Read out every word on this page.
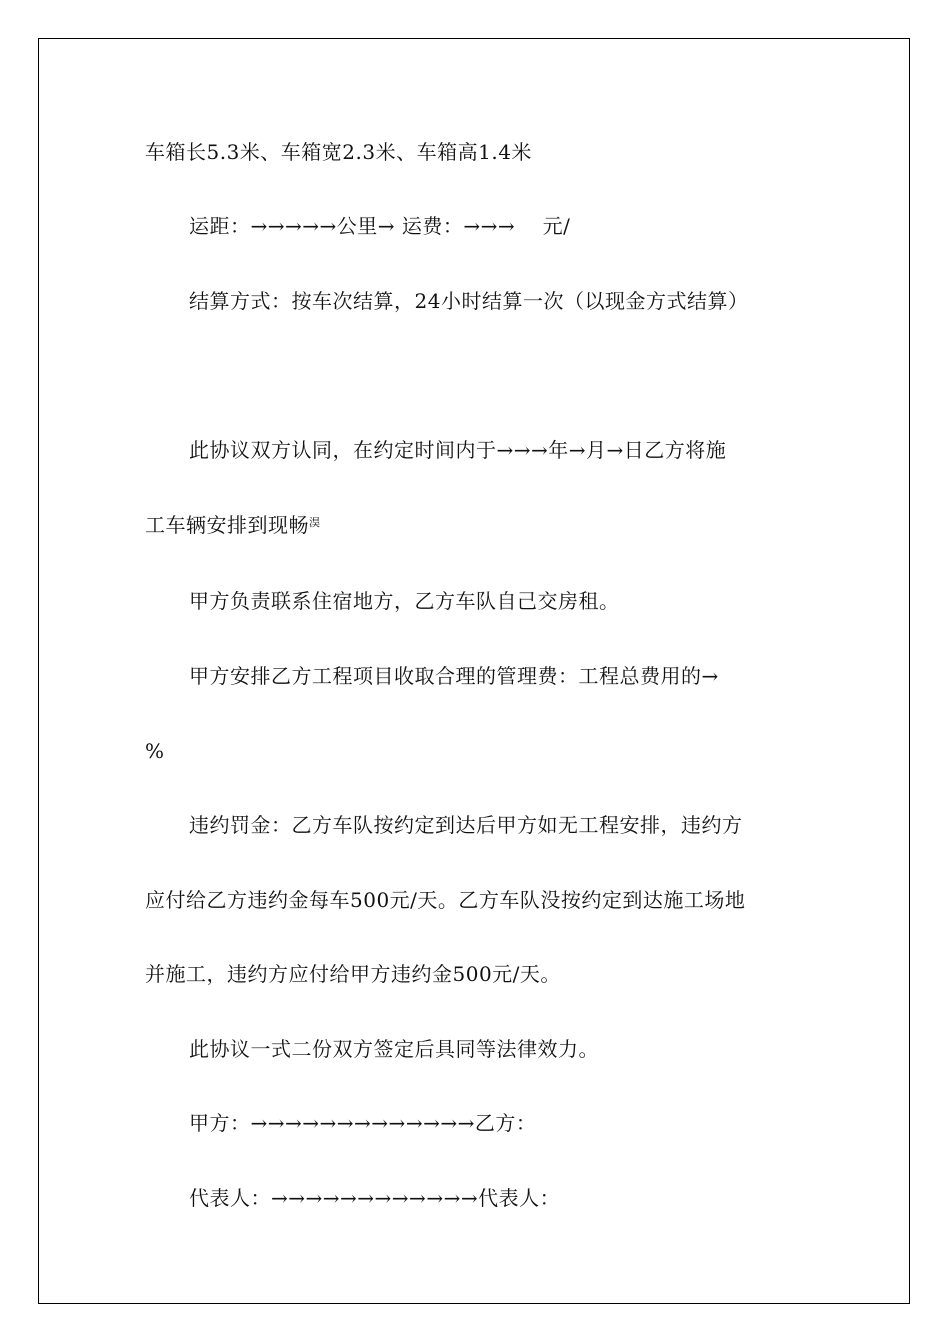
车箱长5.3米、车箱宽2.3米、车箱高1.4米
运距：→→→→→公里→ 运费：→→→    元/
结算方式：按车次结算，24小时结算一次（以现金方式结算）
此协议双方认同，在约定时间内于→→→年→月→日乙方将施
工车辆安排到现畅$^淏$
甲方负责联系住宿地方，乙方车队自己交房租。
甲方安排乙方工程项目收取合理的管理费：工程总费用的→
%
违约罚金：乙方车队按约定到达后甲方如无工程安排，违约方
应付给乙方违约金每车500元/天。乙方车队没按约定到达施工场地
并施工，违约方应付给甲方违约金500元/天。
此协议一式二份双方签定后具同等法律效力。
甲方：→→→→→→→→→→→→→乙方：
代表人：→→→→→→→→→→→→代表人：
